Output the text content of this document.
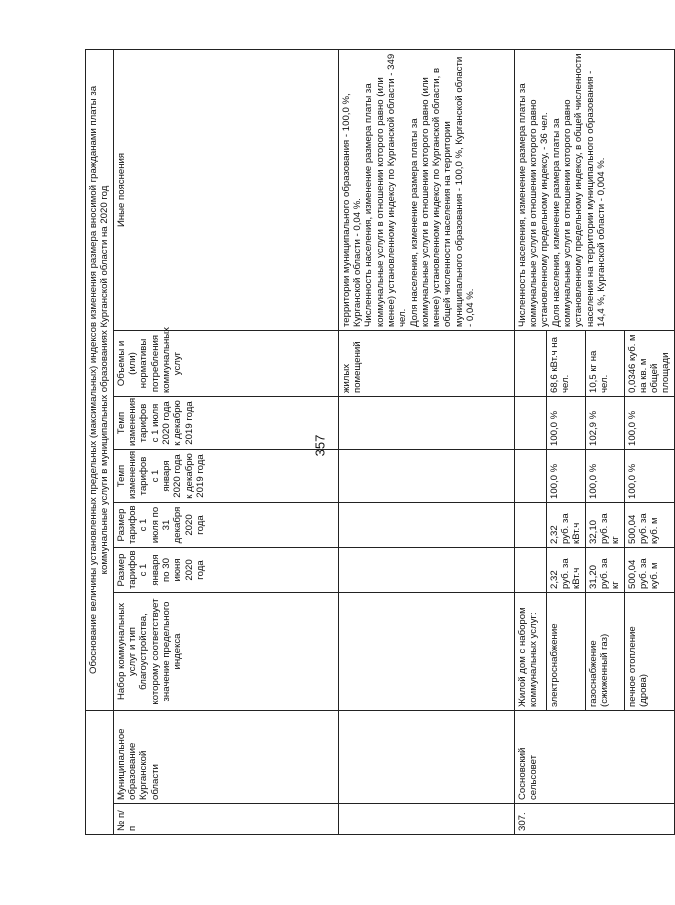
357
		Обоснование величины установленных предельных (максимальных) индексов изменения размера вносимой гражданами платы за коммунальные услуги в муниципальных образованиях Курганской области на 2020 год						
№ п/п	Муниципальное образование Курганской области	Набор коммунальных услуг и тип благоустройства, которому соответствует значение предельного индекса	Размер тарифов с 1 января по 30 июня 2020 года	Размер тарифов с 1 июля по 31 декабря 2020 года	Темп изменения тарифов с 1 января 2020 года к декабрю 2019 года	Темп изменения тарифов с 1 июля 2020 года к декабрю 2019 года	Объемы и (или) нормативы потребления коммунальных услуг	Иные пояснения
							жилых помещений	территории муниципального образования - 100,0 %, Курганской области - 0,04 %.
Численность населения, изменение размера платы за коммунальные услуги в отношении которого равно (или менее) установленному индексу по Курганской области - 349 чел.
Доля населения, изменение размера платы за коммунальные услуги в отношении которого равно (или менее) установленному индексу по Курганской области, в общей численности населения на территории муниципального образования - 100,0 %, Курганской области - 0,04 %.
307.	Сосновский сельсовет	Жилой дом с набором коммунальных услуг:						Численность населения, изменение размера платы за коммунальные услуги в отношении которого равно установленному предельному индексу, - 36 чел.
Доля населения, изменение размера платы за коммунальные услуги в отношении которого равно установленному предельному индексу, в общей численности населения на территории муниципального образования - 14,4 %, Курганской области - 0,004 %.
		электроснабжение	2,32 руб. за кВт.ч	2,32 руб. за кВт.ч	100,0 %	100,0 %	68,6 кВт.ч на чел.	
		газоснабжение (сжиженный газ)	31,20 руб. за кг	32,10 руб. за кг	100,0 %	102,9 %	10,5 кг на чел.	
		печное отопление (дрова)	500,04 руб. за куб. м	500,04 руб. за куб. м	100,0 %	100,0 %	0,0346 куб. м на кв. м общей площади	
